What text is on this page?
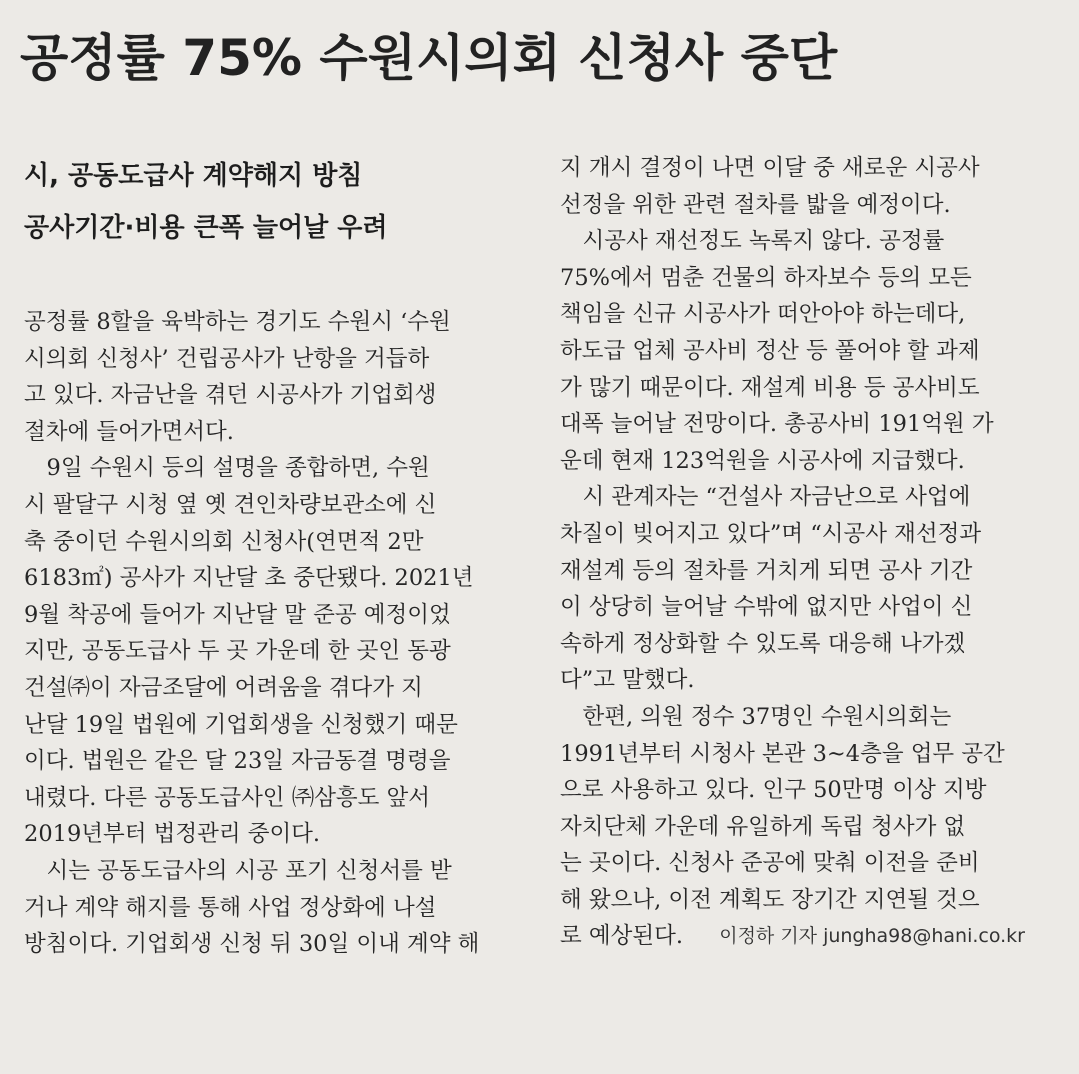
공정률 75% 수원시의회 신청사 중단
시, 공동도급사 계약해지 방침
공사기간·비용 큰폭 늘어날 우려
공정률 8할을 육박하는 경기도 수원시 ‘수원
시의회 신청사’ 건립공사가 난항을 거듭하
고 있다. 자금난을 겪던 시공사가 기업회생
절차에 들어가면서다.
　9일 수원시 등의 설명을 종합하면, 수원
시 팔달구 시청 옆 옛 견인차량보관소에 신
축 중이던 수원시의회 신청사(연면적 2만
6183㎡) 공사가 지난달 초 중단됐다. 2021년
9월 착공에 들어가 지난달 말 준공 예정이었
지만, 공동도급사 두 곳 가운데 한 곳인 동광
건설㈜이 자금조달에 어려움을 겪다가 지
난달 19일 법원에 기업회생을 신청했기 때문
이다. 법원은 같은 달 23일 자금동결 명령을
내렸다. 다른 공동도급사인 ㈜삼흥도 앞서
2019년부터 법정관리 중이다.
　시는 공동도급사의 시공 포기 신청서를 받
거나 계약 해지를 통해 사업 정상화에 나설
방침이다. 기업회생 신청 뒤 30일 이내 계약 해
지 개시 결정이 나면 이달 중 새로운 시공사
선정을 위한 관련 절차를 밟을 예정이다.
　시공사 재선정도 녹록지 않다. 공정률
75%에서 멈춘 건물의 하자보수 등의 모든
책임을 신규 시공사가 떠안아야 하는데다,
하도급 업체 공사비 정산 등 풀어야 할 과제
가 많기 때문이다. 재설계 비용 등 공사비도
대폭 늘어날 전망이다. 총공사비 191억원 가
운데 현재 123억원을 시공사에 지급했다.
　시 관계자는 “건설사 자금난으로 사업에
차질이 빚어지고 있다”며 “시공사 재선정과
재설계 등의 절차를 거치게 되면 공사 기간
이 상당히 늘어날 수밖에 없지만 사업이 신
속하게 정상화할 수 있도록 대응해 나가겠
다”고 말했다.
　한편, 의원 정수 37명인 수원시의회는
1991년부터 시청사 본관 3~4층을 업무 공간
으로 사용하고 있다. 인구 50만명 이상 지방
자치단체 가운데 유일하게 독립 청사가 없
는 곳이다. 신청사 준공에 맞춰 이전을 준비
해 왔으나, 이전 계획도 장기간 지연될 것으
로 예상된다.	이정하 기자 jungha98@hani.co.kr
